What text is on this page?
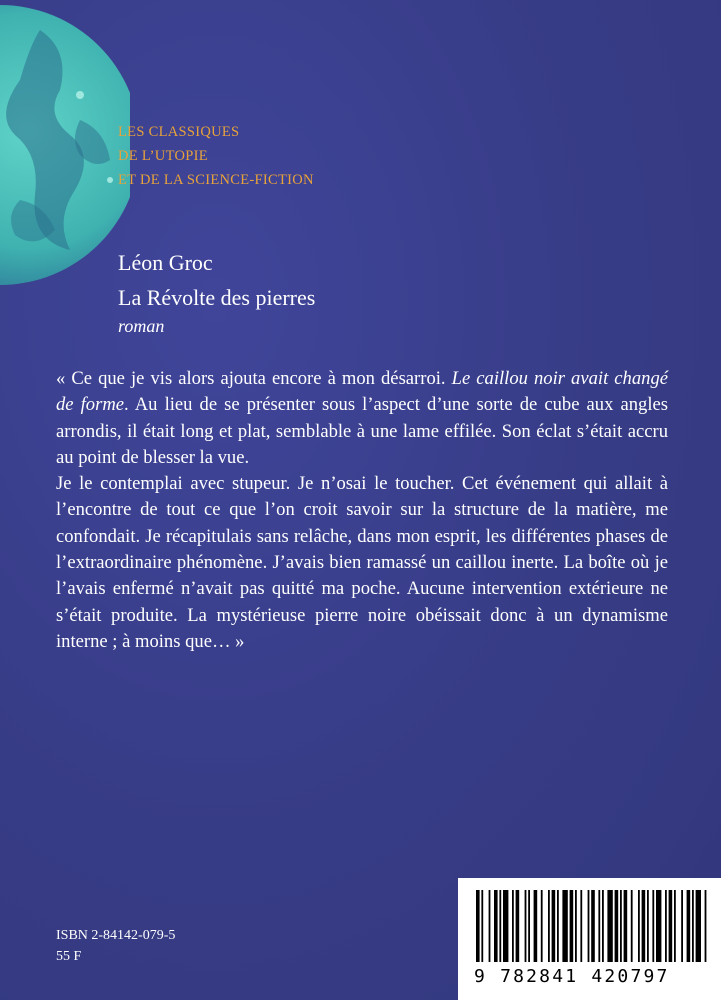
LES CLASSIQUES
DE L’UTOPIE
ET DE LA SCIENCE-FICTION
Léon Groc
La Révolte des pierres
roman

« Ce que je vis alors ajouta encore à mon désarroi. Le caillou noir avait changé de forme. Au lieu de se présenter sous l’aspect d’une sorte de cube aux angles arrondis, il était long et plat, semblable à une lame effilée. Son éclat s’était accru au point de blesser la vue.

Je le contemplai avec stupeur. Je n’osai le toucher. Cet événement qui allait à l’encontre de tout ce que l’on croit savoir sur la structure de la matière, me confondait. Je récapitulais sans relâche, dans mon esprit, les différentes phases de l’extraordinaire phénomène. J’avais bien ramassé un caillou inerte. La boîte où je l’avais enfermé n’avait pas quitté ma poche. Aucune intervention extérieure ne s’était produite. La mystérieuse pierre noire obéissait donc à un dynamisme interne ; à moins que… »

ISBN 2-84142-079-5
55 F
9 782841 420797
